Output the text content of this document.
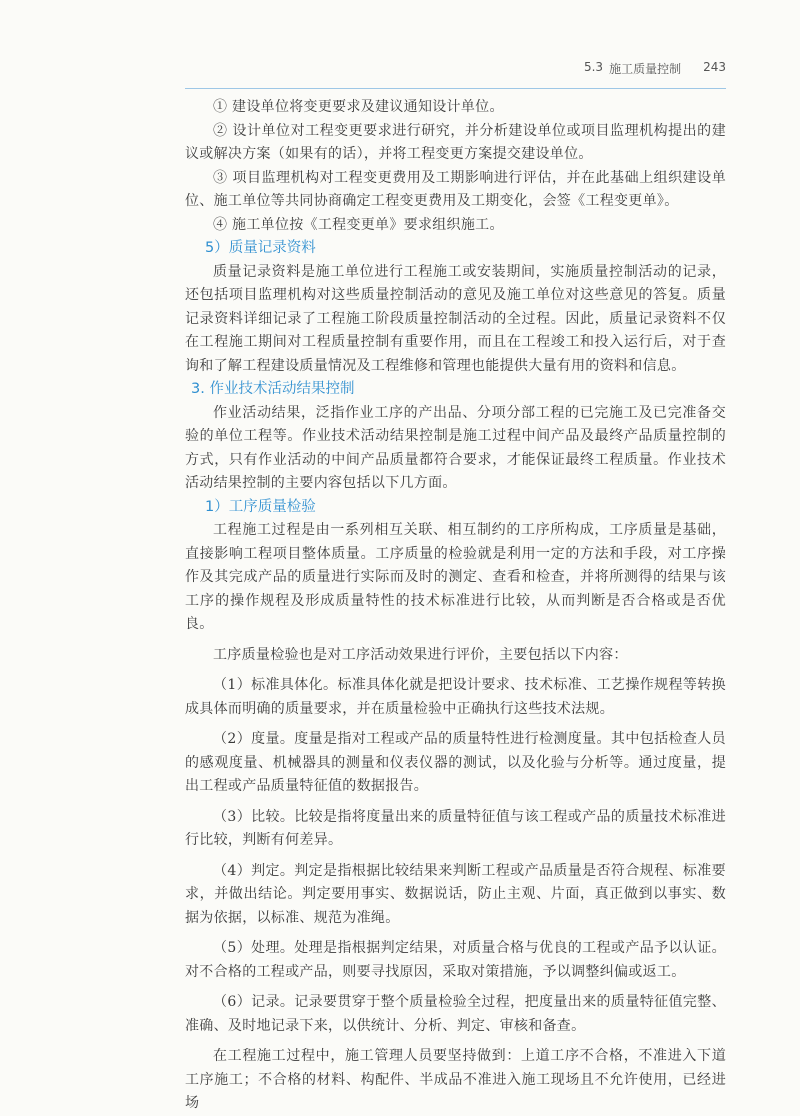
5.3 施工质量控制 243

① 建设单位将变更要求及建议通知设计单位。

② 设计单位对工程变更要求进行研究，并分析建设单位或项目监理机构提出的建议或解决方案（如果有的话），并将工程变更方案提交建设单位。

③ 项目监理机构对工程变更费用及工期影响进行评估，并在此基础上组织建设单位、施工单位等共同协商确定工程变更费用及工期变化，会签《工程变更单》。

④ 施工单位按《工程变更单》要求组织施工。

5）质量记录资料

质量记录资料是施工单位进行工程施工或安装期间，实施质量控制活动的记录，还包括项目监理机构对这些质量控制活动的意见及施工单位对这些意见的答复。质量记录资料详细记录了工程施工阶段质量控制活动的全过程。因此，质量记录资料不仅在工程施工期间对工程质量控制有重要作用，而且在工程竣工和投入运行后，对于查询和了解工程建设质量情况及工程维修和管理也能提供大量有用的资料和信息。

3. 作业技术活动结果控制

作业活动结果，泛指作业工序的产出品、分项分部工程的已完施工及已完准备交验的单位工程等。作业技术活动结果控制是施工过程中间产品及最终产品质量控制的方式，只有作业活动的中间产品质量都符合要求，才能保证最终工程质量。作业技术活动结果控制的主要内容包括以下几方面。

1）工序质量检验

工程施工过程是由一系列相互关联、相互制约的工序所构成，工序质量是基础，直接影响工程项目整体质量。工序质量的检验就是利用一定的方法和手段，对工序操作及其完成产品的质量进行实际而及时的测定、查看和检查，并将所测得的结果与该工序的操作规程及形成质量特性的技术标准进行比较，从而判断是否合格或是否优良。

工序质量检验也是对工序活动效果进行评价，主要包括以下内容：

（1）标准具体化。标准具体化就是把设计要求、技术标准、工艺操作规程等转换成具体而明确的质量要求，并在质量检验中正确执行这些技术法规。

（2）度量。度量是指对工程或产品的质量特性进行检测度量。其中包括检查人员的感观度量、机械器具的测量和仪表仪器的测试，以及化验与分析等。通过度量，提出工程或产品质量特征值的数据报告。

（3）比较。比较是指将度量出来的质量特征值与该工程或产品的质量技术标准进行比较，判断有何差异。

（4）判定。判定是指根据比较结果来判断工程或产品质量是否符合规程、标准要求，并做出结论。判定要用事实、数据说话，防止主观、片面，真正做到以事实、数据为依据，以标准、规范为准绳。

（5）处理。处理是指根据判定结果，对质量合格与优良的工程或产品予以认证。对不合格的工程或产品，则要寻找原因，采取对策措施，予以调整纠偏或返工。

（6）记录。记录要贯穿于整个质量检验全过程，把度量出来的质量特征值完整、准确、及时地记录下来，以供统计、分析、判定、审核和备查。

在工程施工过程中，施工管理人员要坚持做到：上道工序不合格，不准进入下道工序施工；不合格的材料、构配件、半成品不准进入施工现场且不允许使用，已经进场
